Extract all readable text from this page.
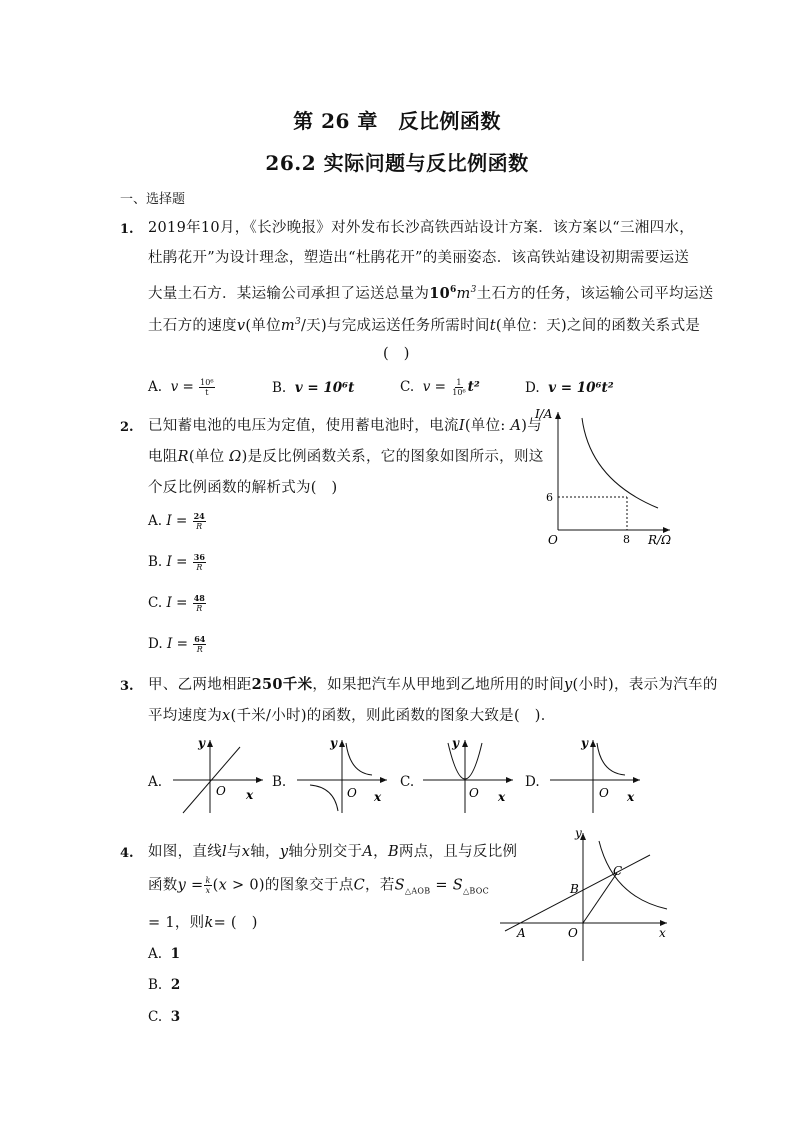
第 26 章　反比例函数
26.2 实际问题与反比例函数
一、选择题
1. 2019年10月，《长沙晚报》对外发布长沙高铁西站设计方案．该方案以“三湘四水，
杜鹃花开”为设计理念，塑造出“杜鹃花开”的美丽姿态．该高铁站建设初期需要运送
大量土石方．某运输公司承担了运送总量为$10^6m^3$土石方的任务，该运输公司平均运送
土石方的速度v(单位$m^3/$天)与完成运送任务所需时间t(单位：天)之间的函数关系式是
(　)
A. $v = \frac{\text{10⁶}}{t}$	B. v = 10⁶t	C. $v = \frac{1}{\text{10⁶}} t^2$	D. v = 10⁶t²
2. 已知蓄电池的电压为定值，使用蓄电池时，电流I(单位: A)与
电阻R(单位 Ω)是反比例函数关系，它的图象如图所示，则这
个反比例函数的解析式为(　)
A. $I = \frac{24}{R}$
B. $I = \frac{36}{R}$
C. $I = \frac{48}{R}$
D. $I = \frac{64}{R}$
I/A
R/Ω
O
6
8
3. 甲、乙两地相距250千米，如果把汽车从甲地到乙地所用的时间y(小时)，表示为汽车的
平均速度为x(千米/小时)的函数，则此函数的图象大致是(　)．
A.
y
x
O
B.
y
x
O
C.
y
x
O
D.
y
x
O
4. 如图，直线l与x轴，y轴分别交于A，B两点，且与反比例
函数$y = \frac{k}{x} (x > 0)$的图象交于点C，若$S_{\triangle AOB} = S_{\triangle BOC}$
= 1，则k= (　)
A. 1
B. 2
C. 3
y
x
O
A
B
C
